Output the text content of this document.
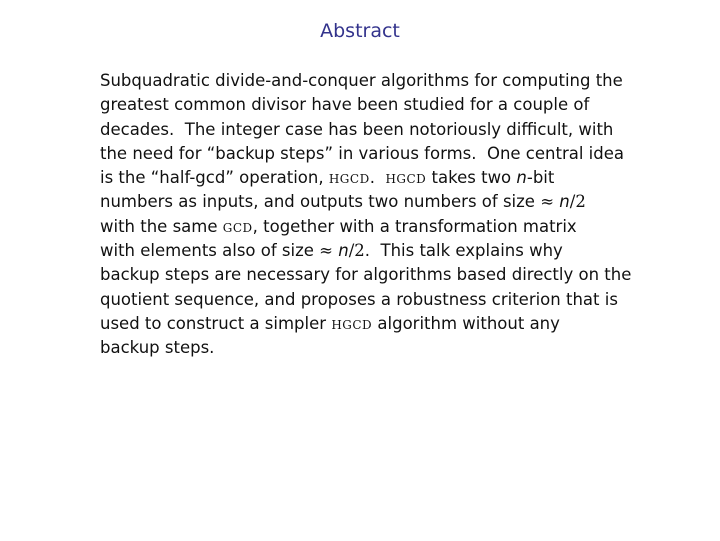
Abstract
Subquadratic divide-and-conquer algorithms for computing the
greatest common divisor have been studied for a couple of
decades.  The integer case has been notoriously difficult, with
the need for “backup steps” in various forms.  One central idea
is the “half-gcd” operation, HGCD.  HGCD takes two n-bit
numbers as inputs, and outputs two numbers of size ≈ n/2
with the same GCD, together with a transformation matrix
with elements also of size ≈ n/2.  This talk explains why
backup steps are necessary for algorithms based directly on the
quotient sequence, and proposes a robustness criterion that is
used to construct a simpler HGCD algorithm without any
backup steps.
